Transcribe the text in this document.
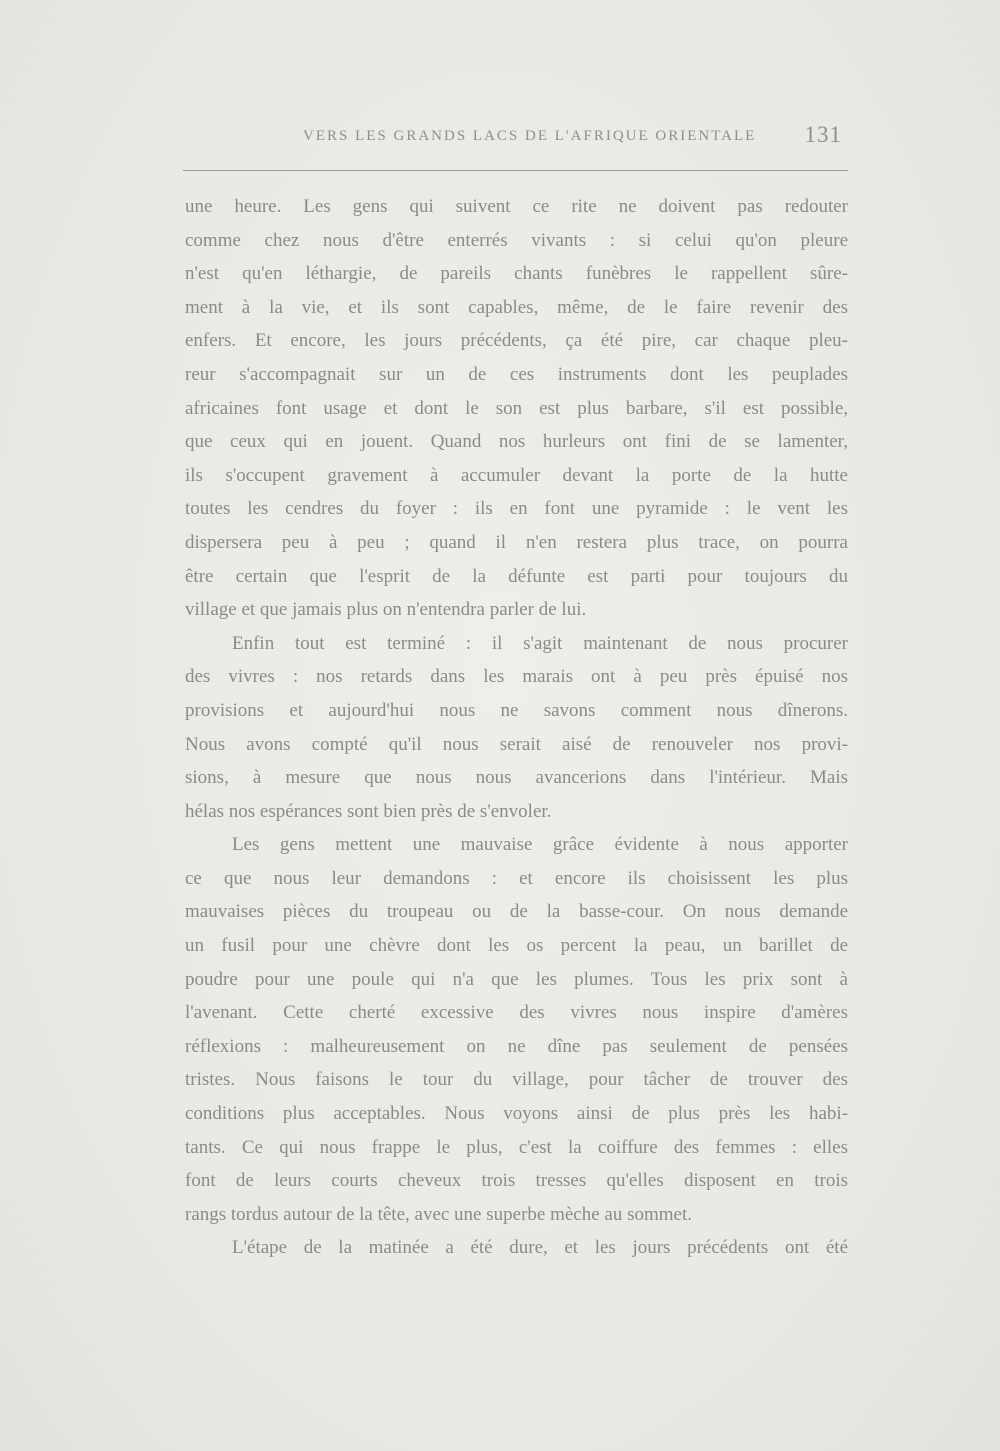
VERS LES GRANDS LACS DE L'AFRIQUE ORIENTALE 131
une heure. Les gens qui suivent ce rite ne doivent pas redouter
comme chez nous d'être enterrés vivants : si celui qu'on pleure
n'est qu'en léthargie, de pareils chants funèbres le rappellent sûre-
ment à la vie, et ils sont capables, même, de le faire revenir des
enfers. Et encore, les jours précédents, ça été pire, car chaque pleu-
reur s'accompagnait sur un de ces instruments dont les peuplades
africaines font usage et dont le son est plus barbare, s'il est possible,
que ceux qui en jouent. Quand nos hurleurs ont fini de se lamenter,
ils s'occupent gravement à accumuler devant la porte de la hutte
toutes les cendres du foyer : ils en font une pyramide : le vent les
dispersera peu à peu ; quand il n'en restera plus trace, on pourra
être certain que l'esprit de la défunte est parti pour toujours du
village et que jamais plus on n'entendra parler de lui.
Enfin tout est terminé : il s'agit maintenant de nous procurer
des vivres : nos retards dans les marais ont à peu près épuisé nos
provisions et aujourd'hui nous ne savons comment nous dînerons.
Nous avons compté qu'il nous serait aisé de renouveler nos provi-
sions, à mesure que nous nous avancerions dans l'intérieur. Mais
hélas nos espérances sont bien près de s'envoler.
Les gens mettent une mauvaise grâce évidente à nous apporter
ce que nous leur demandons : et encore ils choisissent les plus
mauvaises pièces du troupeau ou de la basse-cour. On nous demande
un fusil pour une chèvre dont les os percent la peau, un barillet de
poudre pour une poule qui n'a que les plumes. Tous les prix sont à
l'avenant. Cette cherté excessive des vivres nous inspire d'amères
réflexions : malheureusement on ne dîne pas seulement de pensées
tristes. Nous faisons le tour du village, pour tâcher de trouver des
conditions plus acceptables. Nous voyons ainsi de plus près les habi-
tants. Ce qui nous frappe le plus, c'est la coiffure des femmes : elles
font de leurs courts cheveux trois tresses qu'elles disposent en trois
rangs tordus autour de la tête, avec une superbe mèche au sommet.
L'étape de la matinée a été dure, et les jours précédents ont été
